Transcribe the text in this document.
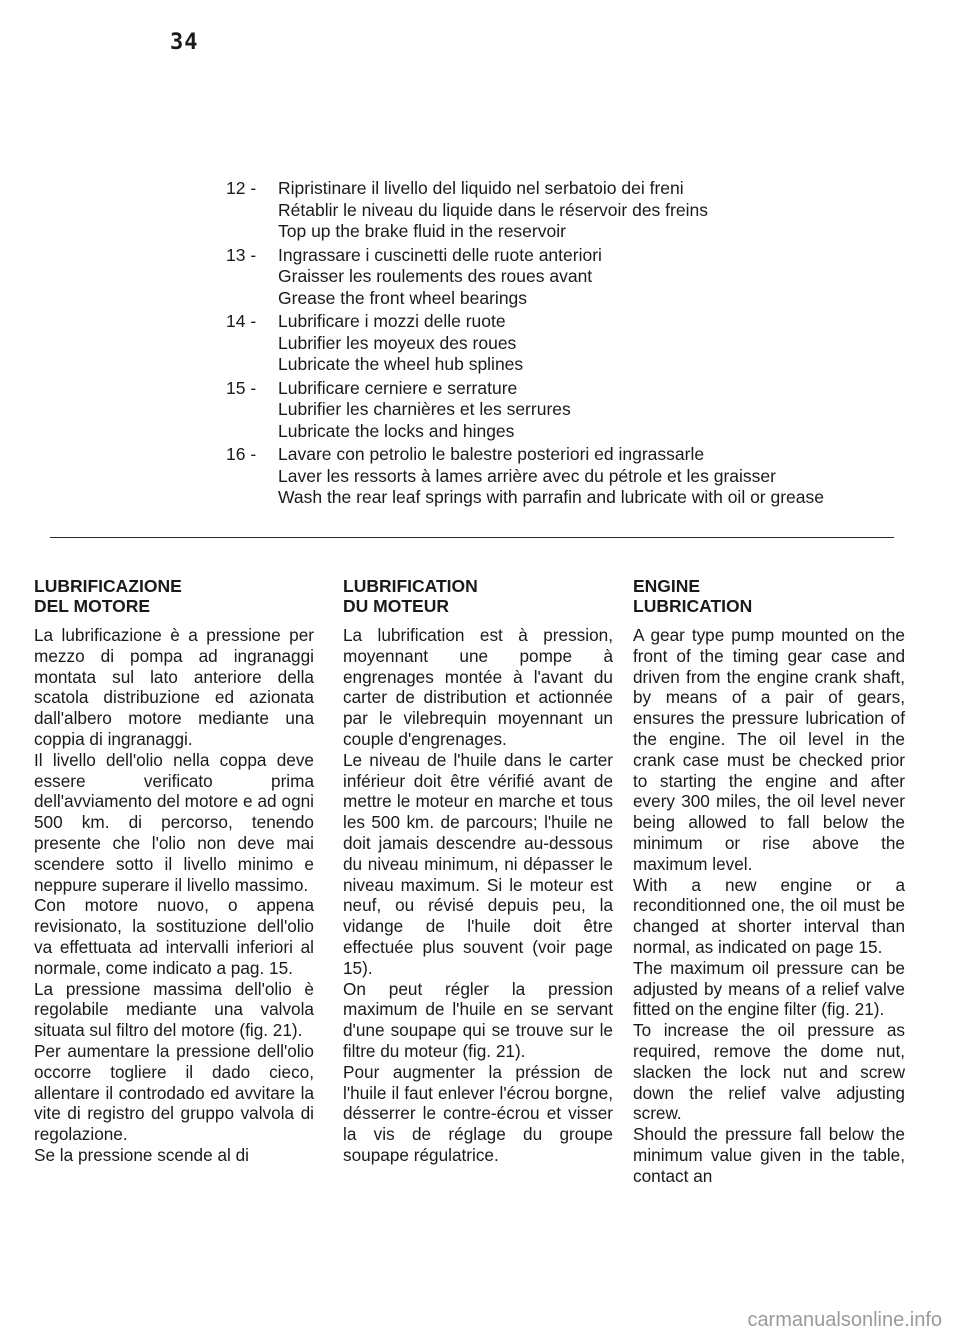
34
12 - Ripristinare il livello del liquido nel serbatoio dei freni
Rétablir le niveau du liquide dans le réservoir des freins
Top up the brake fluid in the reservoir
13 - Ingrassare i cuscinetti delle ruote anteriori
Graisser les roulements des roues avant
Grease the front wheel bearings
14 - Lubrificare i mozzi delle ruote
Lubrifier les moyeux des roues
Lubricate the wheel hub splines
15 - Lubrificare cerniere e serrature
Lubrifier les charnières et les serrures
Lubricate the locks and hinges
16 - Lavare con petrolio le balestre posteriori ed ingrassarle
Laver les ressorts à lames arrière avec du pétrole et les graisser
Wash the rear leaf springs with parrafin and lubricate with oil or grease
LUBRIFICAZIONE
DEL MOTORE

La lubrificazione è a pressione per mezzo di pompa ad ingranaggi montata sul lato anteriore della scatola distribuzione ed azionata dall'albero motore mediante una coppia di ingranaggi.

Il livello dell'olio nella coppa deve essere verificato prima dell'avviamento del motore e ad ogni 500 km. di percorso, tenendo presente che l'olio non deve mai scendere sotto il livello minimo e neppure superare il livello massimo.

Con motore nuovo, o appena revisionato, la sostituzione dell'olio va effettuata ad intervalli inferiori al normale, come indicato a pag. 15.

La pressione massima dell'olio è regolabile mediante una valvola situata sul filtro del motore (fig. 21).

Per aumentare la pressione dell'olio occorre togliere il dado cieco, allentare il controdado ed avvitare la vite di registro del gruppo valvola di regolazione.

Se la pressione scende al di

LUBRIFICATION
DU MOTEUR

La lubrification est à pression, moyennant une pompe à engrenages montée à l'avant du carter de distribution et actionnée par le vilebrequin moyennant un couple d'engrenages.

Le niveau de l'huile dans le carter inférieur doit être vérifié avant de mettre le moteur en marche et tous les 500 km. de parcours; l'huile ne doit jamais descendre au-dessous du niveau minimum, ni dépasser le niveau maximum. Si le moteur est neuf, ou révisé depuis peu, la vidange de l'huile doit être effectuée plus souvent (voir page 15).

On peut régler la pression maximum de l'huile en se servant d'une soupape qui se trouve sur le filtre du moteur (fig. 21).

Pour augmenter la préssion de l'huile il faut enlever l'écrou borgne, désserrer le contre-écrou et visser la vis de réglage du groupe soupape régulatrice.

ENGINE
LUBRICATION

A gear type pump mounted on the front of the timing gear case and driven from the engine crank shaft, by means of a pair of gears, ensures the pressure lubrication of the engine. The oil level in the crank case must be checked prior to starting the engine and after every 300 miles, the oil level never being allowed to fall below the minimum or rise above the maximum level.

With a new engine or a reconditionned one, the oil must be changed at shorter interval than normal, as indicated on page 15.

The maximum oil pressure can be adjusted by means of a relief valve fitted on the engine filter (fig. 21).

To increase the oil pressure as required, remove the dome nut, slacken the lock nut and screw down the relief valve adjusting screw.

Should the pressure fall below the minimum value given in the table, contact an

carmanualsonline.info
